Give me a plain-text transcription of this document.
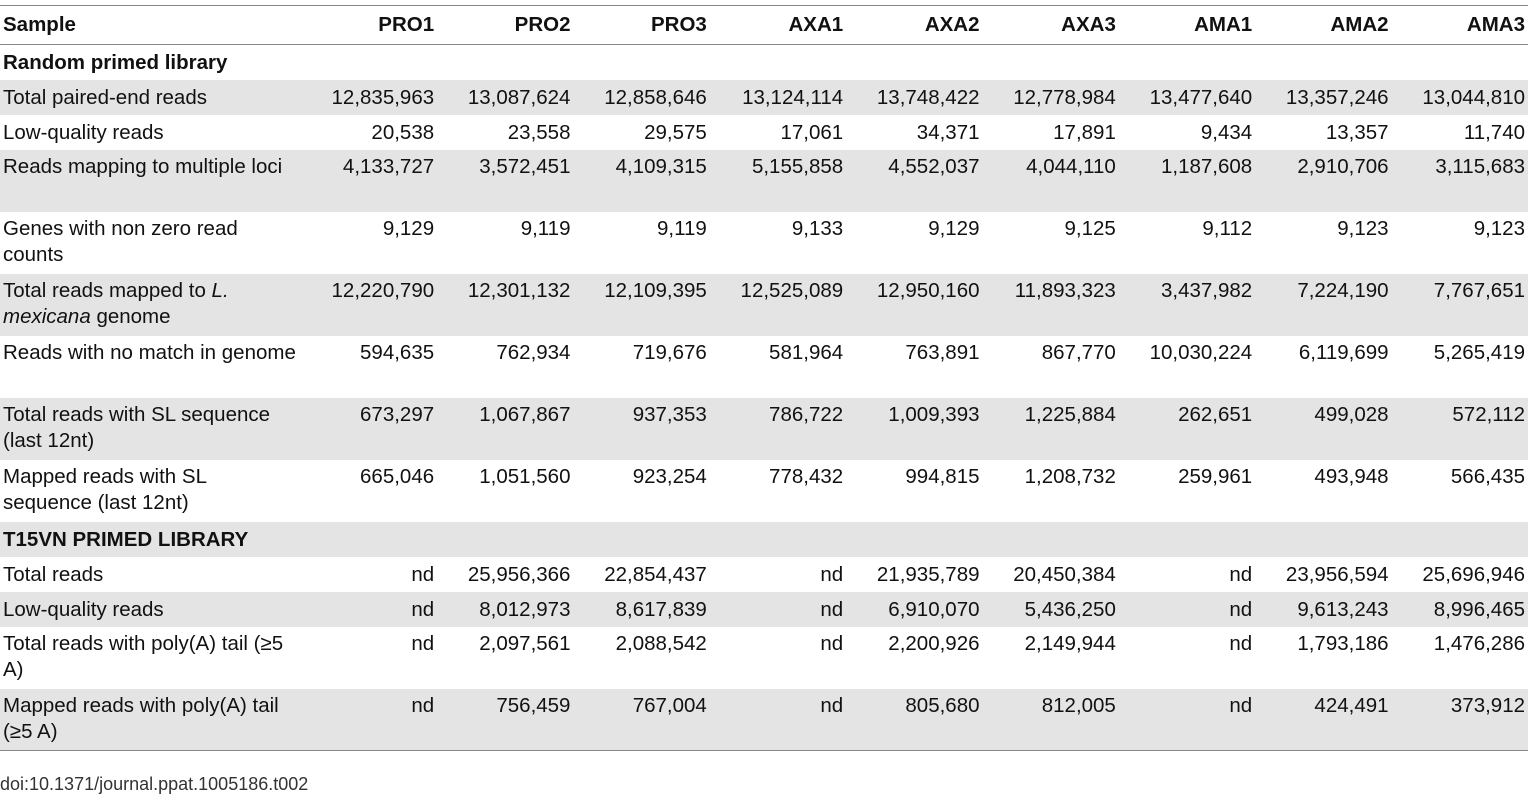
Sample	PRO1	PRO2	PRO3	AXA1	AXA2	AXA3	AMA1	AMA2	AMA3
Random primed library									
Total paired-end reads	12,835,963	13,087,624	12,858,646	13,124,114	13,748,422	12,778,984	13,477,640	13,357,246	13,044,810
Low-quality reads	20,538	23,558	29,575	17,061	34,371	17,891	9,434	13,357	11,740
Reads mapping to multiple loci	4,133,727	3,572,451	4,109,315	5,155,858	4,552,037	4,044,110	1,187,608	2,910,706	3,115,683
Genes with non zero read counts	9,129	9,119	9,119	9,133	9,129	9,125	9,112	9,123	9,123
Total reads mapped to L. mexicana genome	12,220,790	12,301,132	12,109,395	12,525,089	12,950,160	11,893,323	3,437,982	7,224,190	7,767,651
Reads with no match in genome	594,635	762,934	719,676	581,964	763,891	867,770	10,030,224	6,119,699	5,265,419
Total reads with SL sequence (last 12nt)	673,297	1,067,867	937,353	786,722	1,009,393	1,225,884	262,651	499,028	572,112
Mapped reads with SL sequence (last 12nt)	665,046	1,051,560	923,254	778,432	994,815	1,208,732	259,961	493,948	566,435
T15VN PRIMED LIBRARY									
Total reads	nd	25,956,366	22,854,437	nd	21,935,789	20,450,384	nd	23,956,594	25,696,946
Low-quality reads	nd	8,012,973	8,617,839	nd	6,910,070	5,436,250	nd	9,613,243	8,996,465
Total reads with poly(A) tail (≥5 A)	nd	2,097,561	2,088,542	nd	2,200,926	2,149,944	nd	1,793,186	1,476,286
Mapped reads with poly(A) tail (≥5 A)	nd	756,459	767,004	nd	805,680	812,005	nd	424,491	373,912
doi:10.1371/journal.ppat.1005186.t002
